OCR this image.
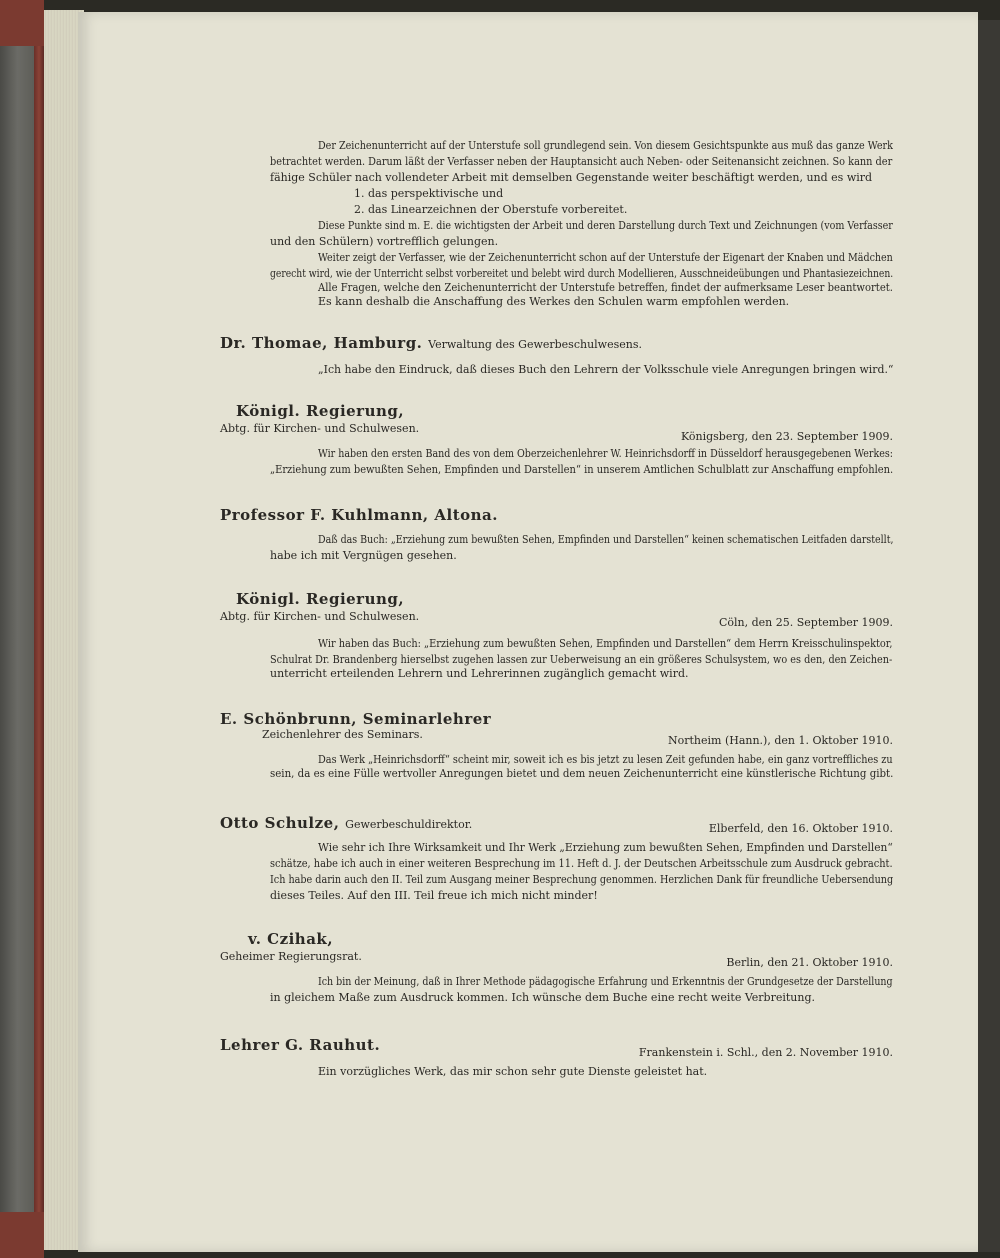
Der Zeichenunterricht auf der Unterstufe soll grundlegend sein. Von diesem Gesichtspunkte aus muß das ganze Werk
betrachtet werden. Darum läßt der Verfasser neben der Hauptansicht auch Neben- oder Seitenansicht zeichnen. So kann der
fähige Schüler nach vollendeter Arbeit mit demselben Gegenstande weiter beschäftigt werden, und es wird
1. das perspektivische und
2. das Linearzeichnen der Oberstufe vorbereitet.
Diese Punkte sind m. E. die wichtigsten der Arbeit und deren Darstellung durch Text und Zeichnungen (vom Verfasser
und den Schülern) vortrefflich gelungen.
Weiter zeigt der Verfasser, wie der Zeichenunterricht schon auf der Unterstufe der Eigenart der Knaben und Mädchen
gerecht wird, wie der Unterricht selbst vorbereitet und belebt wird durch Modellieren, Ausschneideübungen und Phantasiezeichnen.
Alle Fragen, welche den Zeichenunterricht der Unterstufe betreffen, findet der aufmerksame Leser beantwortet.
Es kann deshalb die Anschaffung des Werkes den Schulen warm empfohlen werden.
Dr. Thomae, Hamburg. Verwaltung des Gewerbeschulwesens.
„Ich habe den Eindruck, daß dieses Buch den Lehrern der Volksschule viele Anregungen bringen wird.“
Königl. Regierung,
Abtg. für Kirchen- und Schulwesen.
Königsberg, den 23. September 1909.
Wir haben den ersten Band des von dem Oberzeichenlehrer W. Heinrichsdorff in Düsseldorf herausgegebenen Werkes:
„Erziehung zum bewußten Sehen, Empfinden und Darstellen“ in unserem Amtlichen Schulblatt zur Anschaffung empfohlen.
Professor F. Kuhlmann, Altona.
Daß das Buch: „Erziehung zum bewußten Sehen, Empfinden und Darstellen“ keinen schematischen Leitfaden darstellt,
habe ich mit Vergnügen gesehen.
Königl. Regierung,
Abtg. für Kirchen- und Schulwesen.	Cöln, den 25. September 1909.
Wir haben das Buch: „Erziehung zum bewußten Sehen, Empfinden und Darstellen“ dem Herrn Kreisschulinspektor,
Schulrat Dr. Brandenberg hierselbst zugehen lassen zur Ueberweisung an ein größeres Schulsystem, wo es den, den Zeichen-
unterricht erteilenden Lehrern und Lehrerinnen zugänglich gemacht wird.
E. Schönbrunn, Seminarlehrer
Zeichenlehrer des Seminars.	Northeim (Hann.), den 1. Oktober 1910.
Das Werk „Heinrichsdorff“ scheint mir, soweit ich es bis jetzt zu lesen Zeit gefunden habe, ein ganz vortreffliches zu
sein, da es eine Fülle wertvoller Anregungen bietet und dem neuen Zeichenunterricht eine künstlerische Richtung gibt.
Otto Schulze, Gewerbeschuldirektor.	Elberfeld, den 16. Oktober 1910.
Wie sehr ich Ihre Wirksamkeit und Ihr Werk „Erziehung zum bewußten Sehen, Empfinden und Darstellen“
schätze, habe ich auch in einer weiteren Besprechung im 11. Heft d. J. der Deutschen Arbeitsschule zum Ausdruck gebracht.
Ich habe darin auch den II. Teil zum Ausgang meiner Besprechung genommen. Herzlichen Dank für freundliche Uebersendung
dieses Teiles. Auf den III. Teil freue ich mich nicht minder!
v. Czihak,
Geheimer Regierungsrat.	Berlin, den 21. Oktober 1910.
Ich bin der Meinung, daß in Ihrer Methode pädagogische Erfahrung und Erkenntnis der Grundgesetze der Darstellung
in gleichem Maße zum Ausdruck kommen. Ich wünsche dem Buche eine recht weite Verbreitung.
Lehrer G. Rauhut.	Frankenstein i. Schl., den 2. November 1910.
Ein vorzügliches Werk, das mir schon sehr gute Dienste geleistet hat.
